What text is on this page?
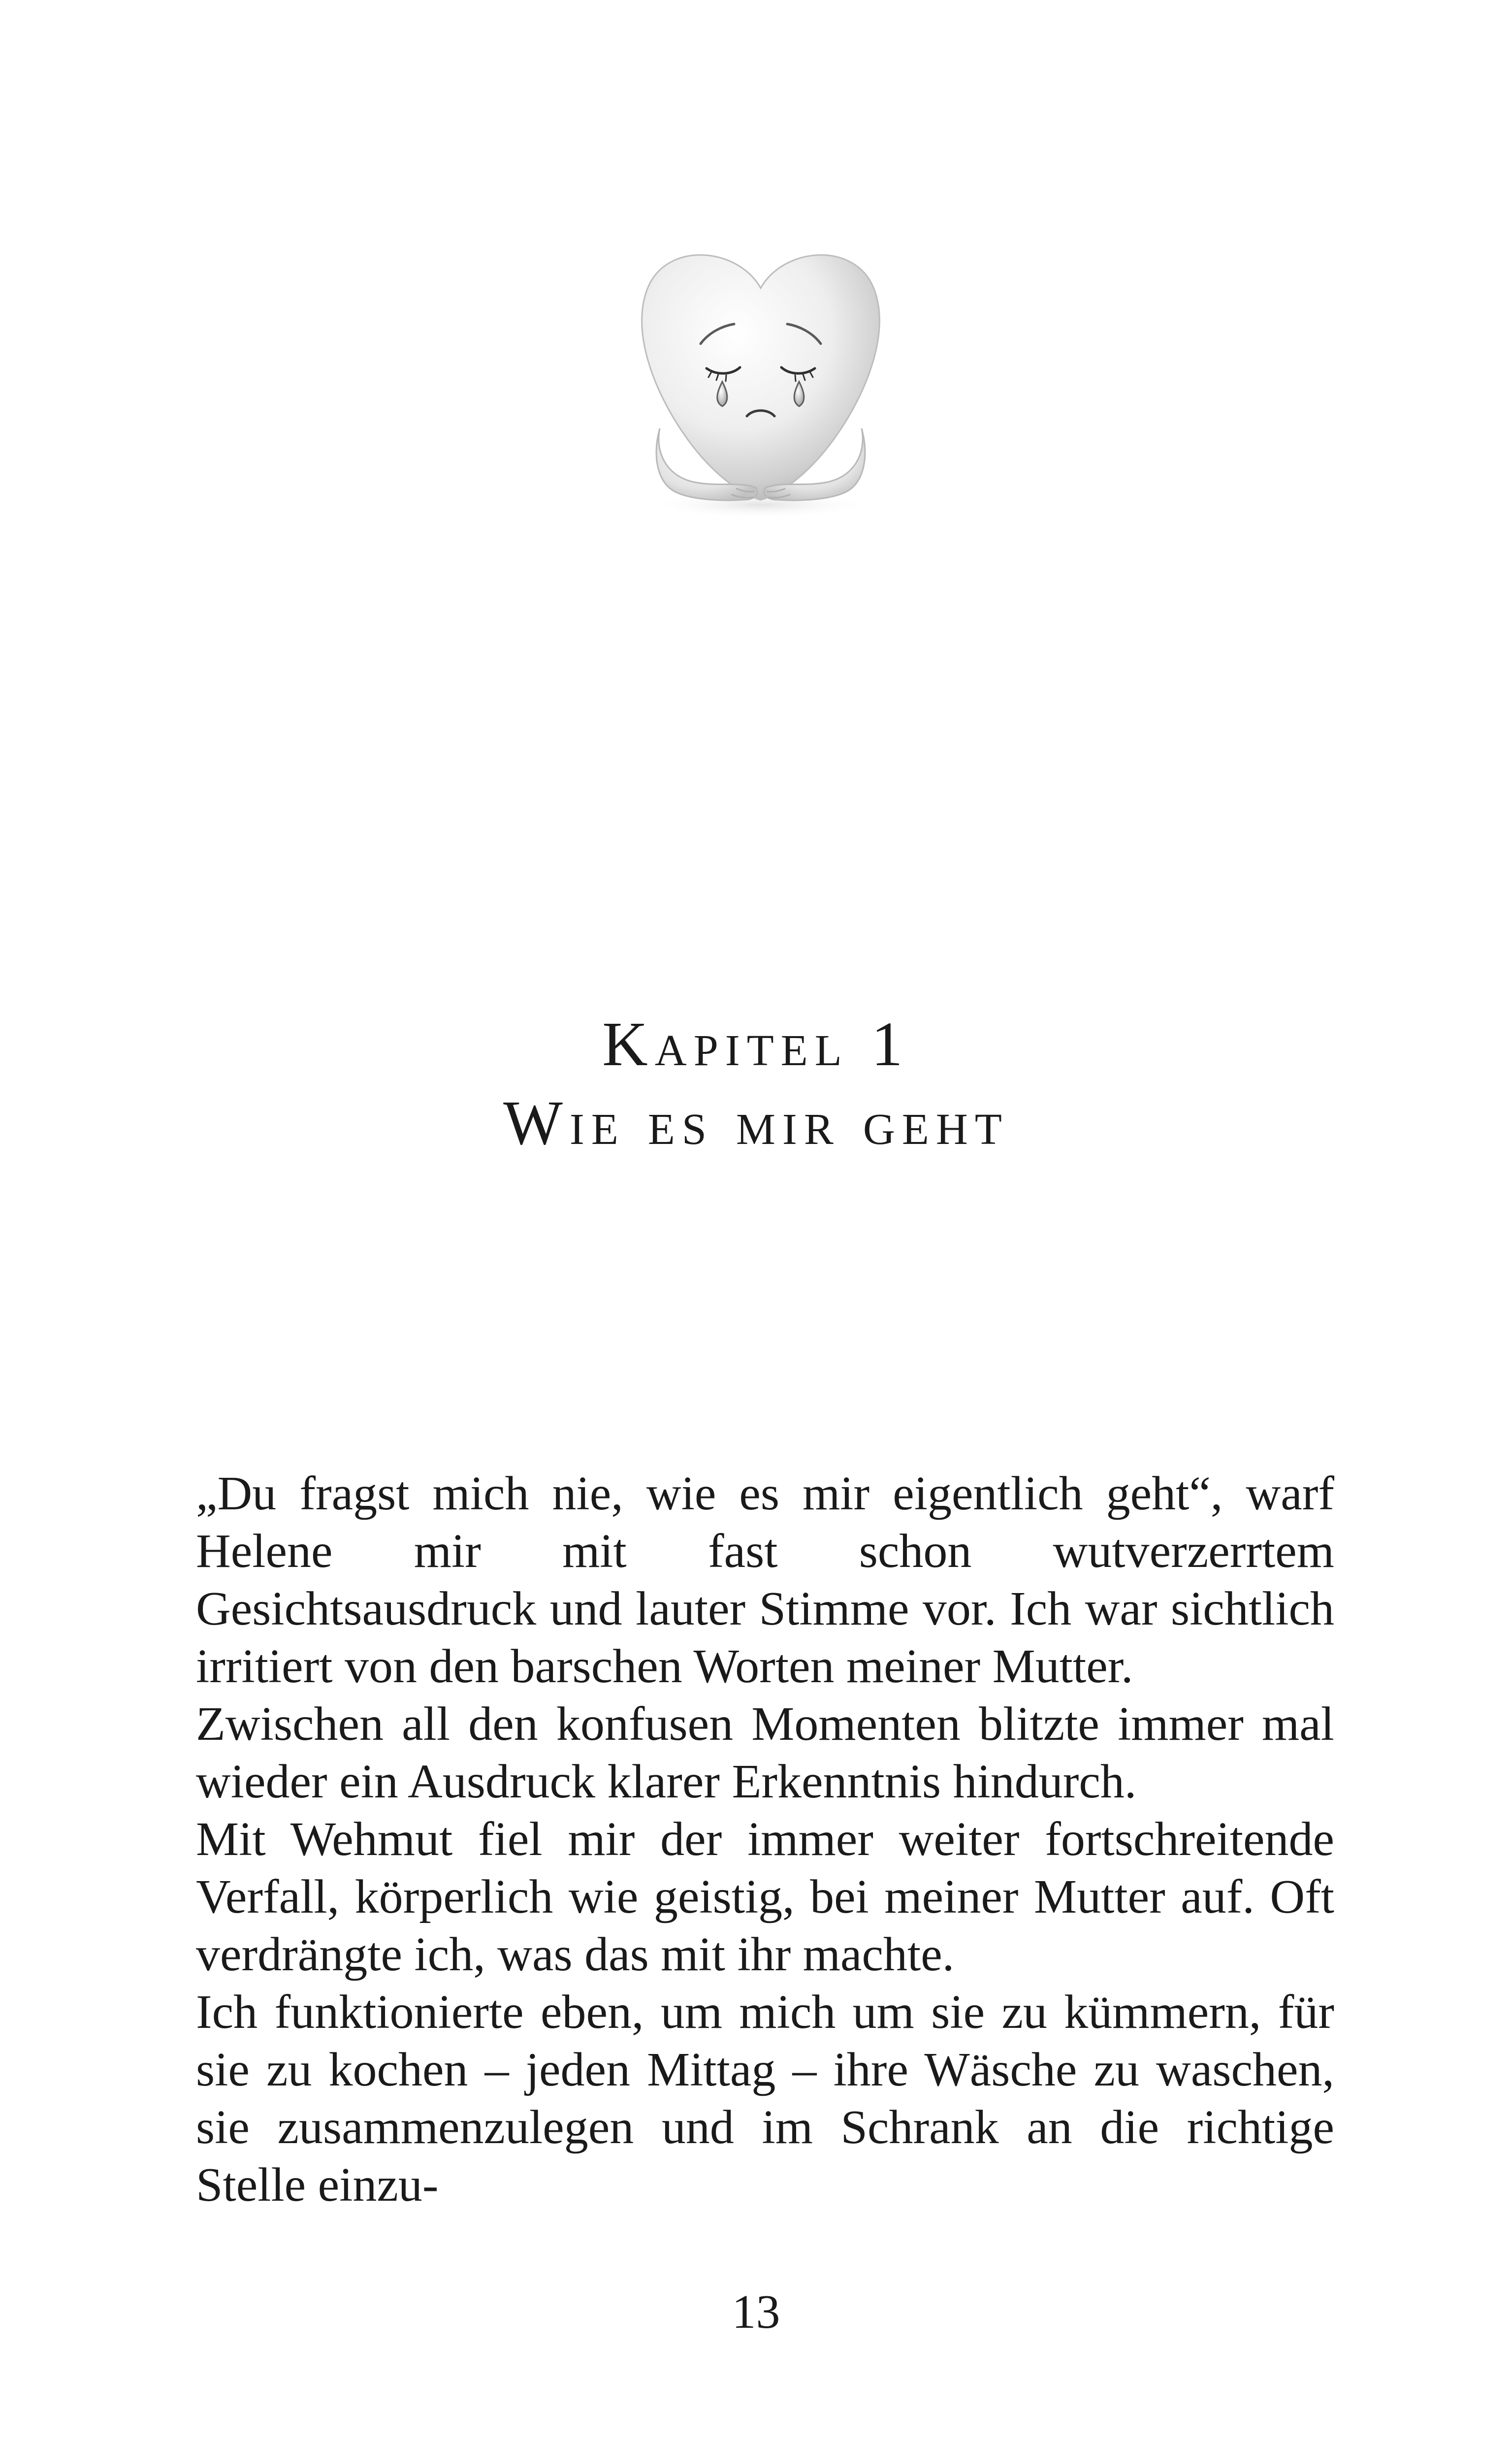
Kapitel 1
Wie es mir geht

„Du fragst mich nie, wie es mir eigentlich geht“, warf Helene mir mit fast schon wutverzerrtem Gesichtsausdruck und lauter Stimme vor. Ich war sichtlich irritiert von den barschen Worten meiner Mutter.

Zwischen all den konfusen Momenten blitzte immer mal wieder ein Ausdruck klarer Erkenntnis hindurch.

Mit Wehmut fiel mir der immer weiter fortschreitende Verfall, körperlich wie geistig, bei meiner Mutter auf. Oft verdrängte ich, was das mit ihr machte.

Ich funktionierte eben, um mich um sie zu kümmern, für sie zu kochen – jeden Mittag – ihre Wäsche zu waschen, sie zusammenzulegen und im Schrank an die richtige Stelle einzu-

13
